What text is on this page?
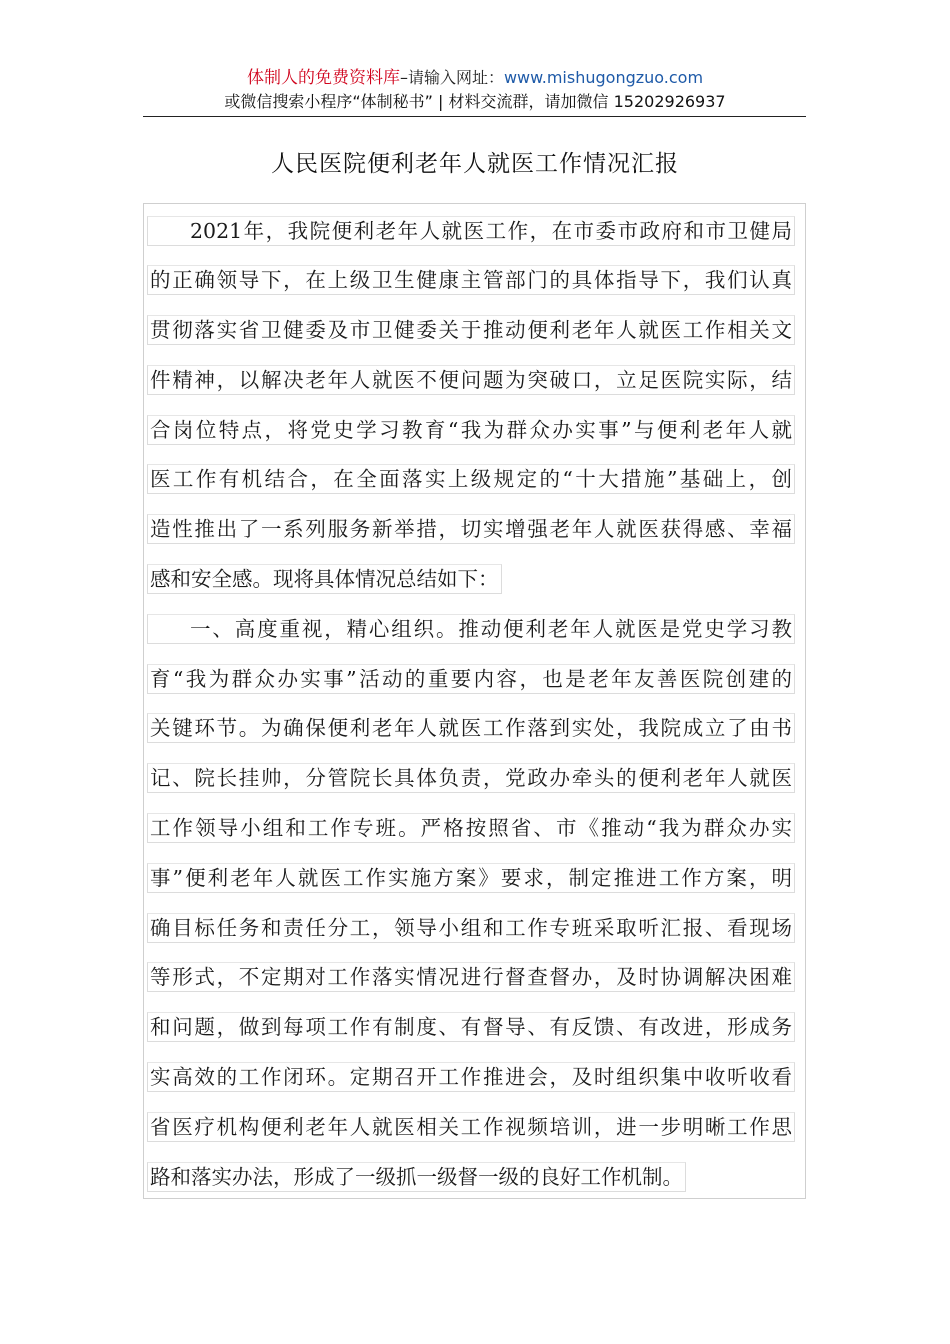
体制人的免费资料库–请输入网址：www.mishugongzuo.com
或微信搜索小程序“体制秘书” | 材料交流群，请加微信 15202926937
人民医院便利老年人就医工作情况汇报
2021年，我院便利老年人就医工作，在市委市政府和市卫健局
的正确领导下，在上级卫生健康主管部门的具体指导下，我们认真
贯彻落实省卫健委及市卫健委关于推动便利老年人就医工作相关文
件精神，以解决老年人就医不便问题为突破口，立足医院实际，结
合岗位特点，将党史学习教育“我为群众办实事”与便利老年人就
医工作有机结合，在全面落实上级规定的“十大措施”基础上，创
造性推出了一系列服务新举措，切实增强老年人就医获得感、幸福
感和安全感。现将具体情况总结如下：
一、高度重视，精心组织。推动便利老年人就医是党史学习教
育“我为群众办实事”活动的重要内容，也是老年友善医院创建的
关键环节。为确保便利老年人就医工作落到实处，我院成立了由书
记、院长挂帅，分管院长具体负责，党政办牵头的便利老年人就医
工作领导小组和工作专班。严格按照省、市《推动“我为群众办实
事”便利老年人就医工作实施方案》要求，制定推进工作方案，明
确目标任务和责任分工，领导小组和工作专班采取听汇报、看现场
等形式，不定期对工作落实情况进行督查督办，及时协调解决困难
和问题，做到每项工作有制度、有督导、有反馈、有改进，形成务
实高效的工作闭环。定期召开工作推进会，及时组织集中收听收看
省医疗机构便利老年人就医相关工作视频培训，进一步明晰工作思
路和落实办法，形成了一级抓一级督一级的良好工作机制。
